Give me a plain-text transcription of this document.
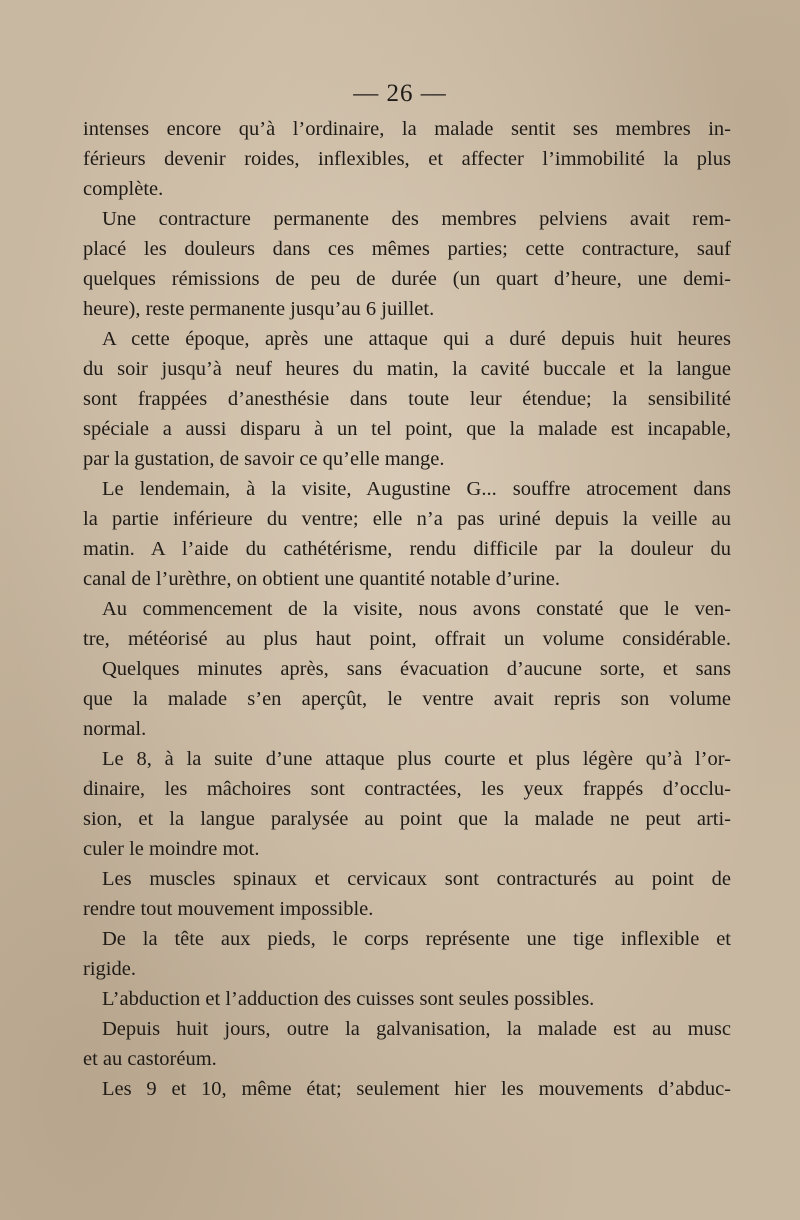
— 26 —
intenses encore qu’à l’ordinaire, la malade sentit ses membres in-
férieurs devenir roides, inflexibles, et affecter l’immobilité la plus
complète.
Une contracture permanente des membres pelviens avait rem-
placé les douleurs dans ces mêmes parties; cette contracture, sauf
quelques rémissions de peu de durée (un quart d’heure, une demi-
heure), reste permanente jusqu’au 6 juillet.
A cette époque, après une attaque qui a duré depuis huit heures
du soir jusqu’à neuf heures du matin, la cavité buccale et la langue
sont frappées d’anesthésie dans toute leur étendue; la sensibilité
spéciale a aussi disparu à un tel point, que la malade est incapable,
par la gustation, de savoir ce qu’elle mange.
Le lendemain, à la visite, Augustine G... souffre atrocement dans
la partie inférieure du ventre; elle n’a pas uriné depuis la veille au
matin. A l’aide du cathétérisme, rendu difficile par la douleur du
canal de l’urèthre, on obtient une quantité notable d’urine.
Au commencement de la visite, nous avons constaté que le ven-
tre, météorisé au plus haut point, offrait un volume considérable.
Quelques minutes après, sans évacuation d’aucune sorte, et sans
que la malade s’en aperçût, le ventre avait repris son volume
normal.
Le 8, à la suite d’une attaque plus courte et plus légère qu’à l’or-
dinaire, les mâchoires sont contractées, les yeux frappés d’occlu-
sion, et la langue paralysée au point que la malade ne peut arti-
culer le moindre mot.
Les muscles spinaux et cervicaux sont contracturés au point de
rendre tout mouvement impossible.
De la tête aux pieds, le corps représente une tige inflexible et
rigide.
L’abduction et l’adduction des cuisses sont seules possibles.
Depuis huit jours, outre la galvanisation, la malade est au musc
et au castoréum.
Les 9 et 10, même état; seulement hier les mouvements d’abduc-
